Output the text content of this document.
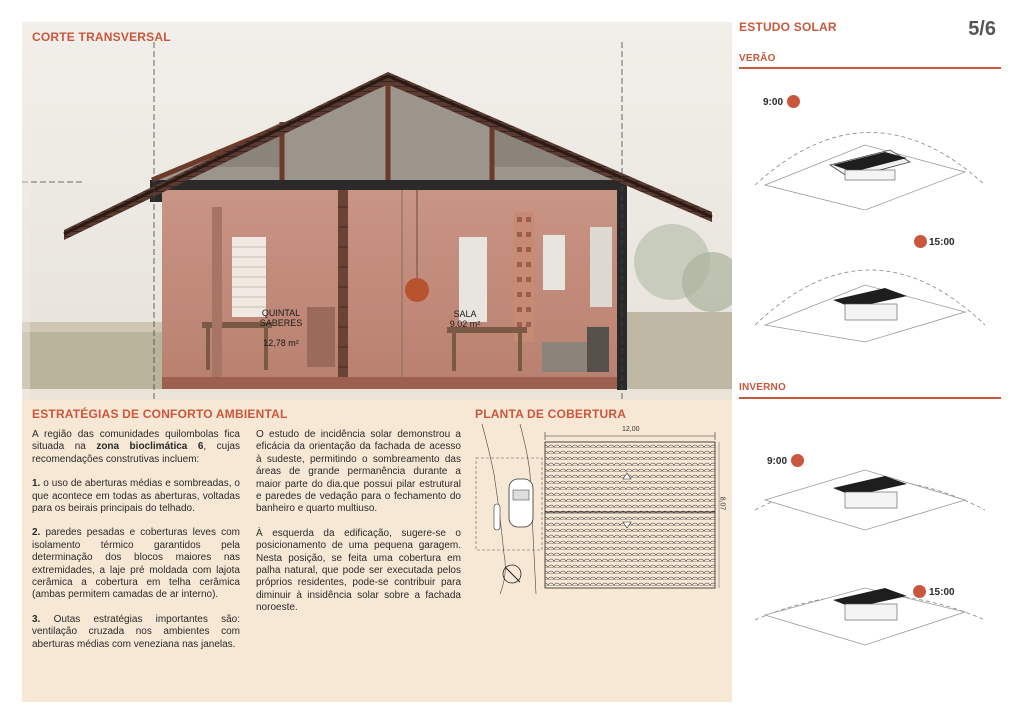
CORTE TRANSVERSAL

QUINTAL
SABERES

12,78 m²

SALA
9,02 m²
ESTUDO SOLAR	5/6
VERÃO
9:00
15:00
INVERNO
9:00
15:00
ESTRATÉGIAS DE CONFORTO AMBIENTAL

A região das comunidades quilombolas fica situada na zona bioclimática 6, cujas recomendações construtivas incluem:

1. o uso de aberturas médias e sombreadas, o que acontece em todas as aberturas, voltadas para os beirais principais do telhado.

2. paredes pesadas e coberturas leves com isolamento térmico garantidos pela determinação dos blocos maiores nas extremidades, a laje pré moldada com lajota cerâmica a cobertura em telha cerâmica (ambas permitem camadas de ar interno).

3. Outas estratégias importantes são: ventilação cruzada nos ambientes com aberturas médias com veneziana nas janelas.

O estudo de incidência solar demonstrou a eficácia da orientação da fachada de acesso à sudeste, permitindo o sombreamento das áreas de grande permanência durante a maior parte do dia.que possui pilar estrutural e paredes de vedação para o fechamento do banheiro e quarto multiuso.

À esquerda da edificação, sugere-se o posicionamento de uma pequena garagem. Nesta posição, se feita uma cobertura em palha natural, que pode ser executada pelos próprios residentes, pode-se contribuir para diminuir à insidência solar sobre a fachada noroeste.

PLANTA DE COBERTURA
12,00
8,07
